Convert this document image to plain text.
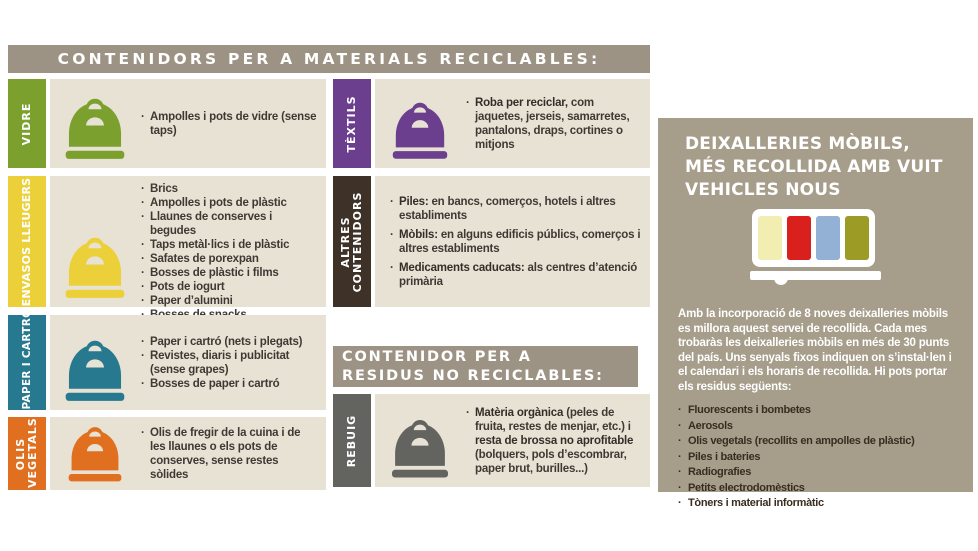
CONTENIDORS PER A MATERIALS RECICLABLES:
VIDRE	· Ampolles i pots de vidre (sense taps)
ENVASOS LLEUGERS	· Brics
· Ampolles i pots de plàstic
· Llaunes de conserves i begudes
· Taps metàl·lics i de plàstic
· Safates de porexpan
· Bosses de plàstic i films
· Pots de iogurt
· Paper d’alumini
PAPER I CARTRÓ	· Paper i cartró (nets i plegats)
· Revistes, diaris i publicitat (sense grapes)
· Bosses de paper i cartró
OLIS VEGETALS	· Olis de fregir de la cuina i de les llaunes o els pots de conserves, sense restes sòlides
TÈXTILS	· Roba per reciclar, com jaquetes, jerseis, samarretes, pantalons, draps, cortines o mitjons
ALTRES CONTENIDORS · Piles: en bancs, comerços, hotels i altres establiments
· Mòbils: en alguns edificis públics, comerços i altres establiments
· Medicaments caducats: als centres d’atenció primària
CONTENIDOR PER A
RESIDUS NO RECICLABLES:
REBUIG
· Matèria orgànica (peles de fruita, restes de menjar, etc.) i resta de brossa no aprofitable (bolquers, pols d’escombrar, paper brut, burilles...)
DEIXALLERIES MÒBILS,
MÉS RECOLLIDA AMB VUIT
VEHICLES NOUS

Amb la incorporació de 8 noves deixalleries mòbils es millora aquest servei de recollida. Cada mes trobaràs les deixalleries mòbils en més de 30 punts del país. Uns senyals fixos indiquen on s’instal·len i el calendari i els horaris de recollida. Hi pots portar els residus següents:

· Fluorescents i bombetes
· Aerosols
· Olis vegetals (recollits en ampolles de plàstic)
· Piles i bateries
· Radiografies
· Petits electrodomèstics
· Tòners i material informàtic
